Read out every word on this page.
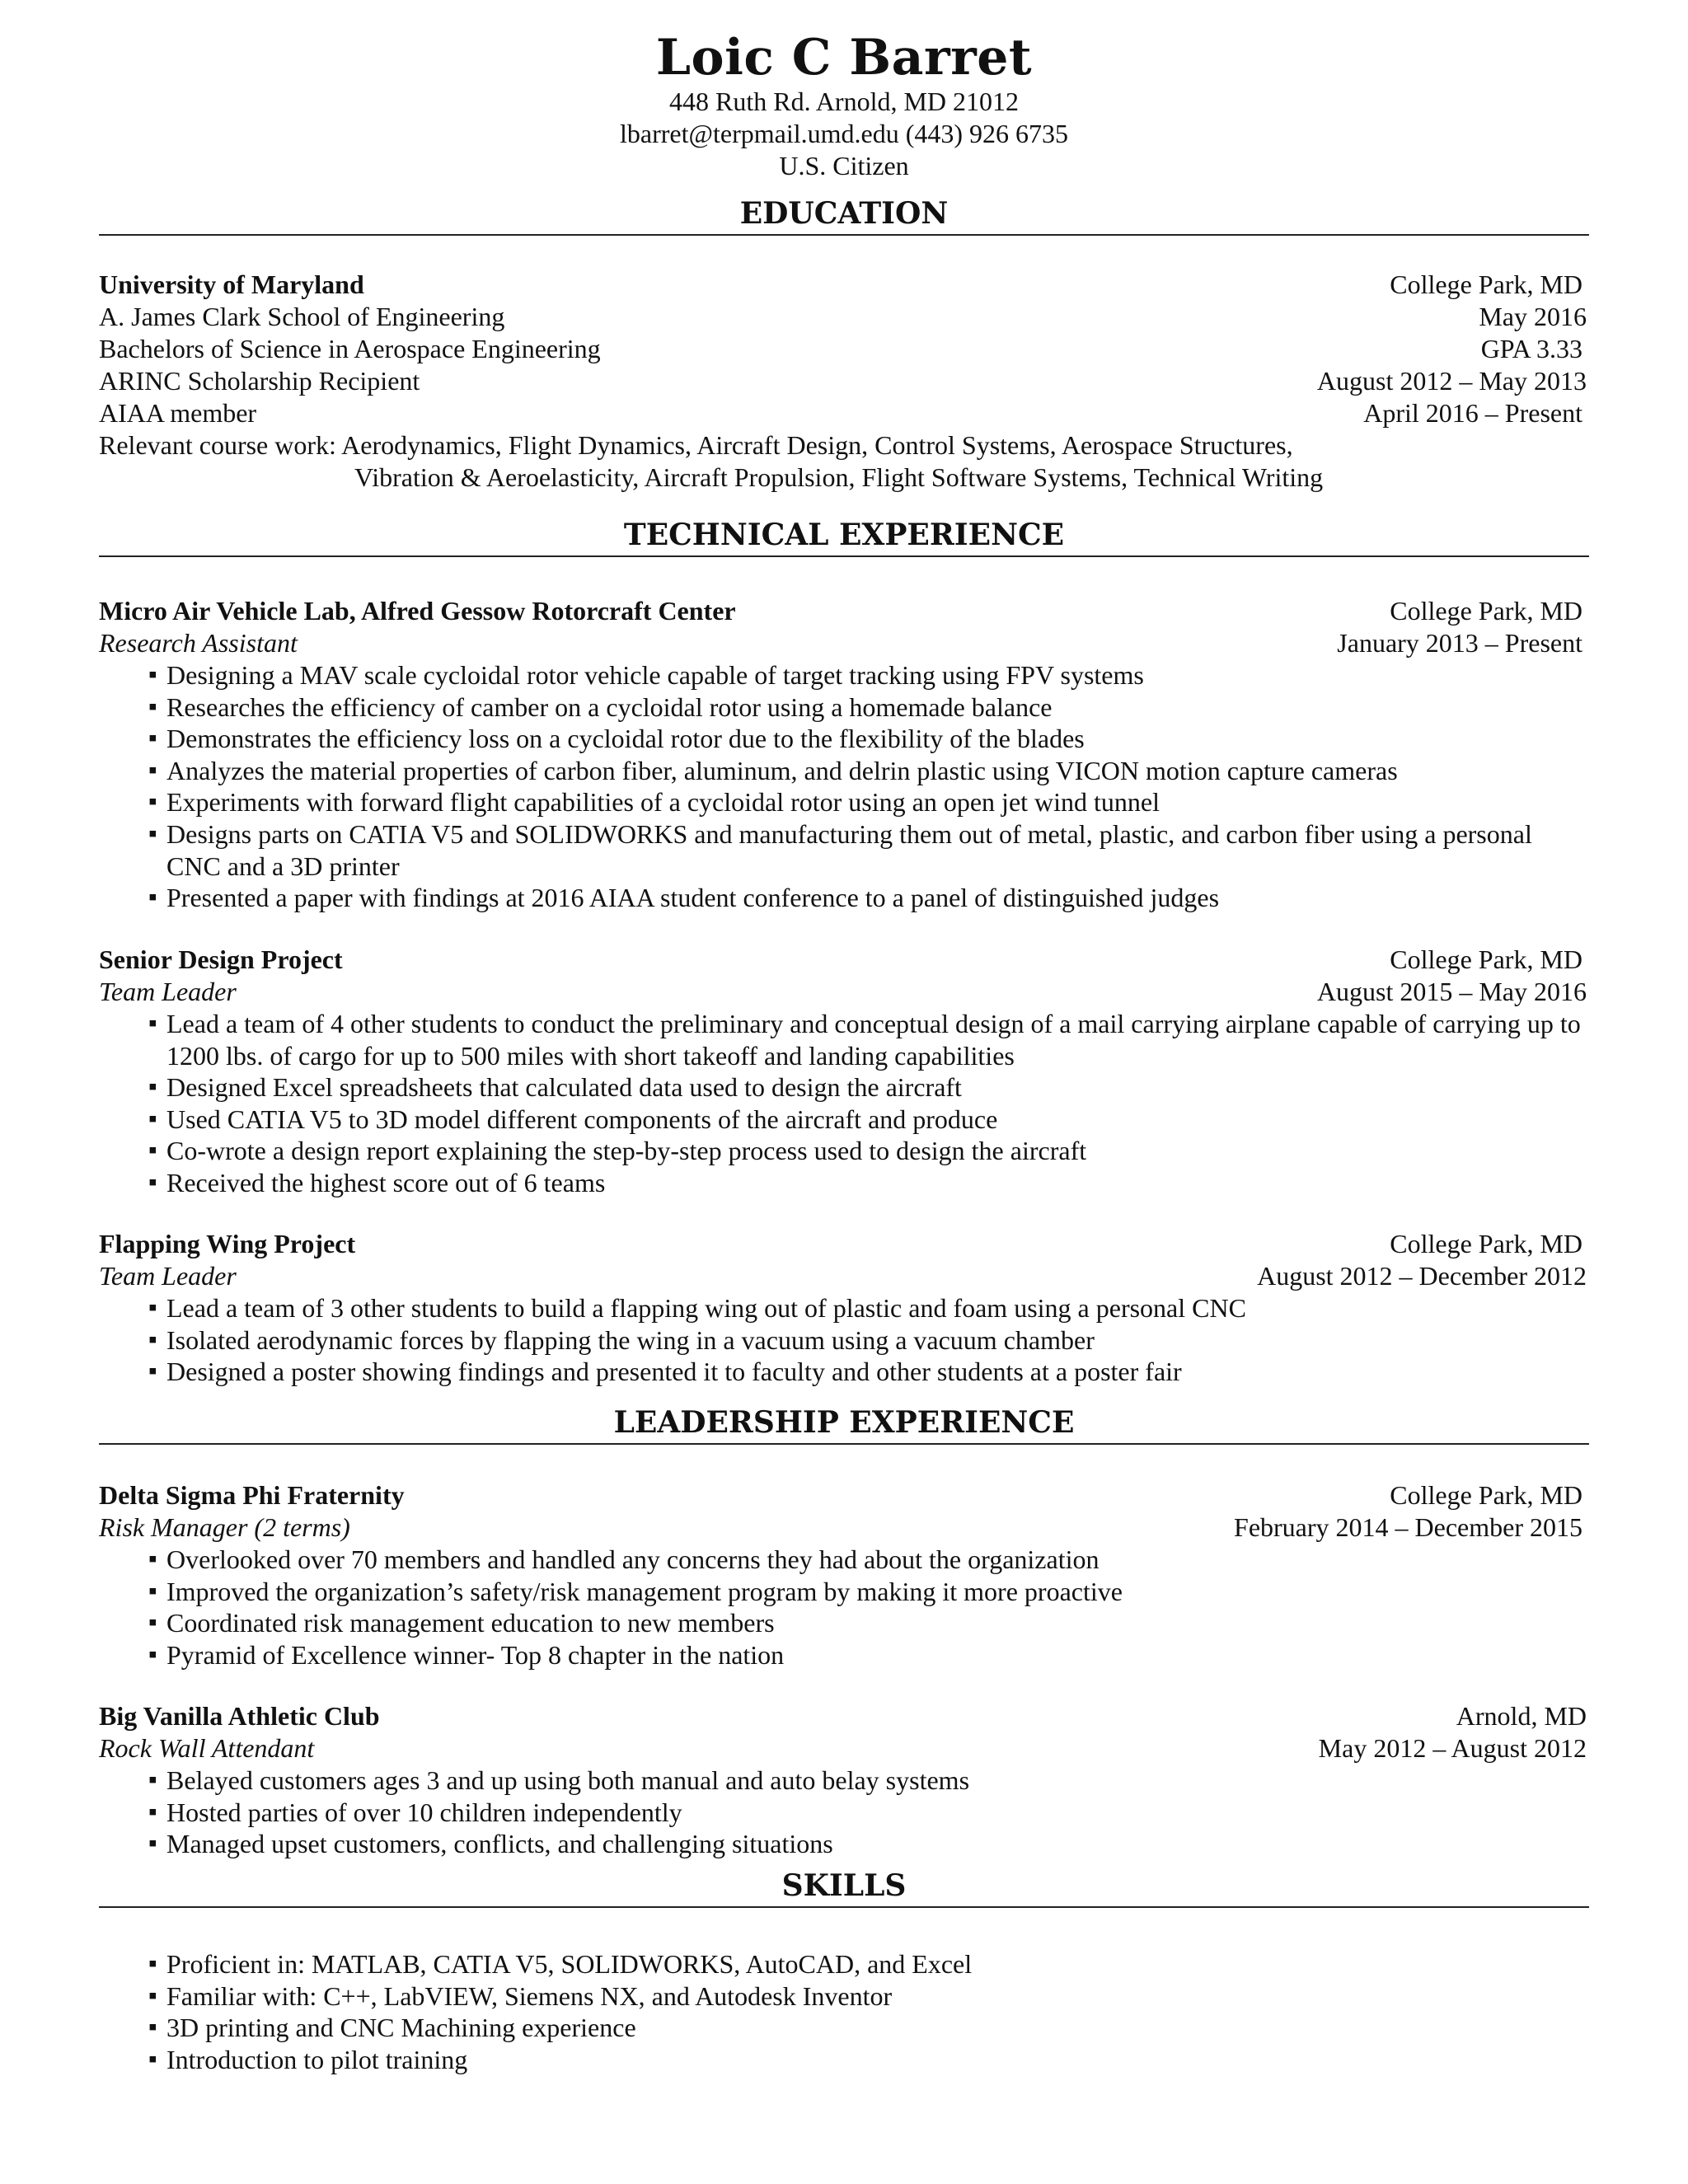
Loic C Barret
448 Ruth Rd. Arnold, MD 21012
lbarret@terpmail.umd.edu (443) 926 6735
U.S. Citizen
EDUCATION
University of Maryland	College Park, MD
A. James Clark School of Engineering	May 2016
Bachelors of Science in Aerospace Engineering	GPA 3.33
ARINC Scholarship Recipient	August 2012 – May 2013
AIAA member	April 2016 – Present
Relevant course work: Aerodynamics, Flight Dynamics, Aircraft Design, Control Systems, Aerospace Structures,
Vibration & Aeroelasticity, Aircraft Propulsion, Flight Software Systems, Technical Writing
TECHNICAL EXPERIENCE
Micro Air Vehicle Lab, Alfred Gessow Rotorcraft Center	College Park, MD
Research Assistant	January 2013 – Present
▪ Designing a MAV scale cycloidal rotor vehicle capable of target tracking using FPV systems
▪ Researches the efficiency of camber on a cycloidal rotor using a homemade balance
▪ Demonstrates the efficiency loss on a cycloidal rotor due to the flexibility of the blades
▪ Analyzes the material properties of carbon fiber, aluminum, and delrin plastic using VICON motion capture cameras
▪ Experiments with forward flight capabilities of a cycloidal rotor using an open jet wind tunnel
▪ Designs parts on CATIA V5 and SOLIDWORKS and manufacturing them out of metal, plastic, and carbon fiber using a personal CNC and a 3D printer
▪ Presented a paper with findings at 2016 AIAA student conference to a panel of distinguished judges
Senior Design Project	College Park, MD
Team Leader	August 2015 – May 2016
▪ Lead a team of 4 other students to conduct the preliminary and conceptual design of a mail carrying airplane capable of carrying up to 1200 lbs. of cargo for up to 500 miles with short takeoff and landing capabilities
▪ Designed Excel spreadsheets that calculated data used to design the aircraft
▪ Used CATIA V5 to 3D model different components of the aircraft and produce
▪ Co-wrote a design report explaining the step-by-step process used to design the aircraft
▪ Received the highest score out of 6 teams
Flapping Wing Project	College Park, MD
Team Leader	August 2012 – December 2012
▪ Lead a team of 3 other students to build a flapping wing out of plastic and foam using a personal CNC
▪ Isolated aerodynamic forces by flapping the wing in a vacuum using a vacuum chamber
▪ Designed a poster showing findings and presented it to faculty and other students at a poster fair
LEADERSHIP EXPERIENCE
Delta Sigma Phi Fraternity	College Park, MD
Risk Manager (2 terms)	February 2014 – December 2015
▪ Overlooked over 70 members and handled any concerns they had about the organization
▪ Improved the organization’s safety/risk management program by making it more proactive
▪ Coordinated risk management education to new members
▪ Pyramid of Excellence winner- Top 8 chapter in the nation
Big Vanilla Athletic Club	Arnold, MD
Rock Wall Attendant	May 2012 – August 2012
▪ Belayed customers ages 3 and up using both manual and auto belay systems
▪ Hosted parties of over 10 children independently
▪ Managed upset customers, conflicts, and challenging situations
SKILLS
▪ Proficient in: MATLAB, CATIA V5, SOLIDWORKS, AutoCAD, and Excel
▪ Familiar with: C++, LabVIEW, Siemens NX, and Autodesk Inventor
▪ 3D printing and CNC Machining experience
▪ Introduction to pilot training
